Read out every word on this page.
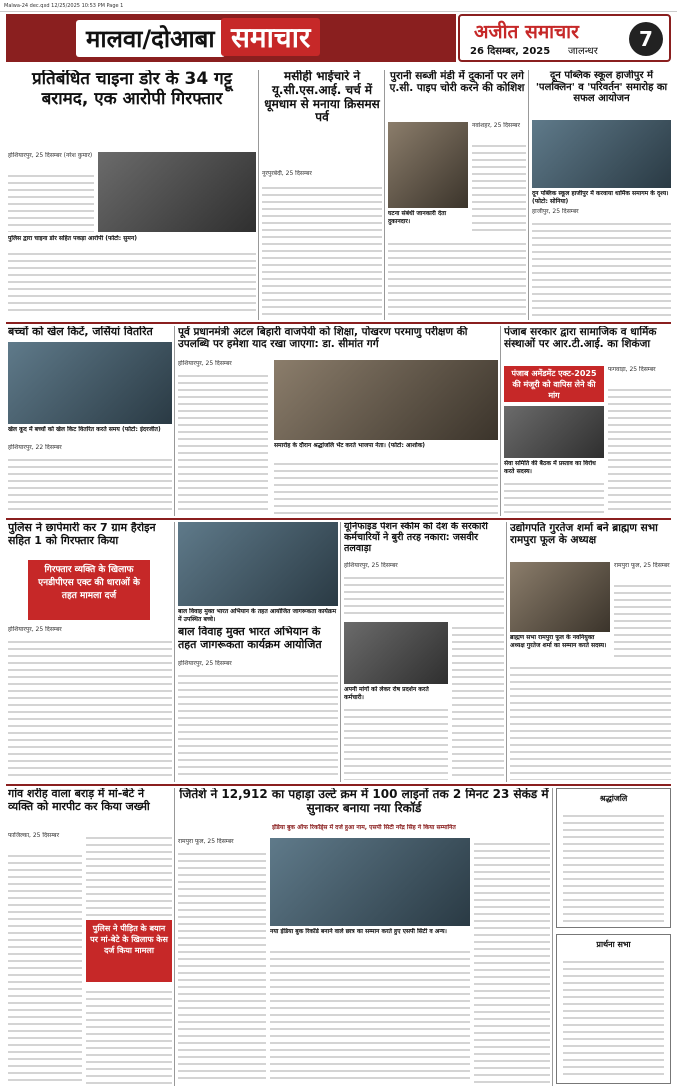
Malwa-24 dec.qxd 12/25/2025 10:53 PM Page 1
मालवा/दोआबा समाचार	अजीत समाचार
26 दिसम्बर, 2025 जालन्धर
7
प्रतिबंधित चाइना डोर के 34 गट्टू बरामद, एक आरोपी गिरफ्तार
पुलिस द्वारा चाइना डोर सहित पकड़ा आरोपी (फोटो: सुमन)
होशियारपुर, 25 दिसम्बर (नरेश कुमार)
मसीही भाईचारे ने यू.सी.एस.आई. चर्च में धूमधाम से मनाया क्रिसमस पर्व
नूरपुरबेदी, 25 दिसम्बर
पुरानी सब्जी मंडी में दुकानों पर लगे ए.सी. पाइप चोरी करने की कोशिश
घटना संबंधी जानकारी देता दुकानदार।
नवांशहर, 25 दिसम्बर
दून पब्लिक स्कूल हाजीपुर में 'पलक्लिन' व 'परिवर्तन' समारोह का सफल आयोजन
दून पब्लिक स्कूल हाजीपुर में करवाया धार्मिक समागम के दृश्य। (फोटो: सोनिया)
हाजीपुर, 25 दिसम्बर
बच्चों को खेल किटें, जर्सियां वितरित
खेल कूद में बच्चों को खेल किट वितरित करते समय (फोटो: इंदरजीत)
होशियारपुर, 22 दिसम्बर
पूर्व प्रधानमंत्री अटल बिहारी वाजपेयी को शिक्षा, पोखरण परमाणु परीक्षण की उपलब्धि पर हमेशा याद रखा जाएगा: डा. सीमांत गर्ग
होशियारपुर, 25 दिसम्बर
समारोह के दौरान श्रद्धांजलि भेंट करते भाजपा नेता। (फोटो: आशोक)
पंजाब सरकार द्वारा सामाजिक व धार्मिक संस्थाओं पर आर.टी.आई. का शिकंजा
पंजाब अमेंडमेंट एक्ट-2025 की मंजूरी को वापिस लेने की मांग
सेवा समिति की बैठक में प्रस्ताव का विरोध करते सदस्य।
फगवाड़ा, 25 दिसम्बर
पुलिस ने छापेमारी कर 7 ग्राम हैरोइन सहित 1 को गिरफ्तार किया
गिरफ्तार व्यक्ति के खिलाफ एनडीपीएस एक्ट की धाराओं के तहत मामला दर्ज
होशियारपुर, 25 दिसम्बर
बाल विवाह मुक्त भारत अभियान के तहत आयोजित जागरूकता कार्यक्रम में उपस्थित बच्चे।
बाल विवाह मुक्त भारत अभियान के तहत जागरूकता कार्यक्रम आयोजित
होशियारपुर, 25 दिसम्बर
यूनिफाइड पेंशन स्कीम को देश के सरकारी कर्मचारियों ने बुरी तरह नकारा: जसवीर तलवाड़ा
होशियारपुर, 25 दिसम्बर
अपनी मांगों को लेकर रोष प्रदर्शन करते कर्मचारी।
उद्योगपति गुरतेज शर्मा बने ब्राह्मण सभा रामपुरा फूल के अध्यक्ष
ब्राह्मण सभा रामपुरा फूल के नवनियुक्त अध्यक्ष गुरतेज शर्मा का सम्मान करते सदस्य।
रामपुरा फूल, 25 दिसम्बर
गांव शरीह वाला बराड़ में मां-बेटे ने व्यक्ति को मारपीट कर किया जख्मी
फाजिल्का, 25 दिसम्बर
पुलिस ने पीड़ित के बयान पर मां-बेटे के खिलाफ केस दर्ज किया मामला
जितेशे ने 12,912 का पहाड़ा उल्टे क्रम में 100 लाइनों तक 2 मिनट 23 सेकंड में सुनाकर बनाया नया रिकॉर्ड
इंडिया बुक ऑफ रिकॉर्ड्स में दर्ज हुआ नाम, एसपी सिटी नरेंद्र सिंह ने किया सम्मानित
रामपुरा फूल, 25 दिसम्बर
नया इंडिया बुक रिकॉर्ड बनाने वाले छात्र का सम्मान करते हुए एसपी सिटी व अन्य।
श्रद्धांजलि
प्रार्थना सभा
